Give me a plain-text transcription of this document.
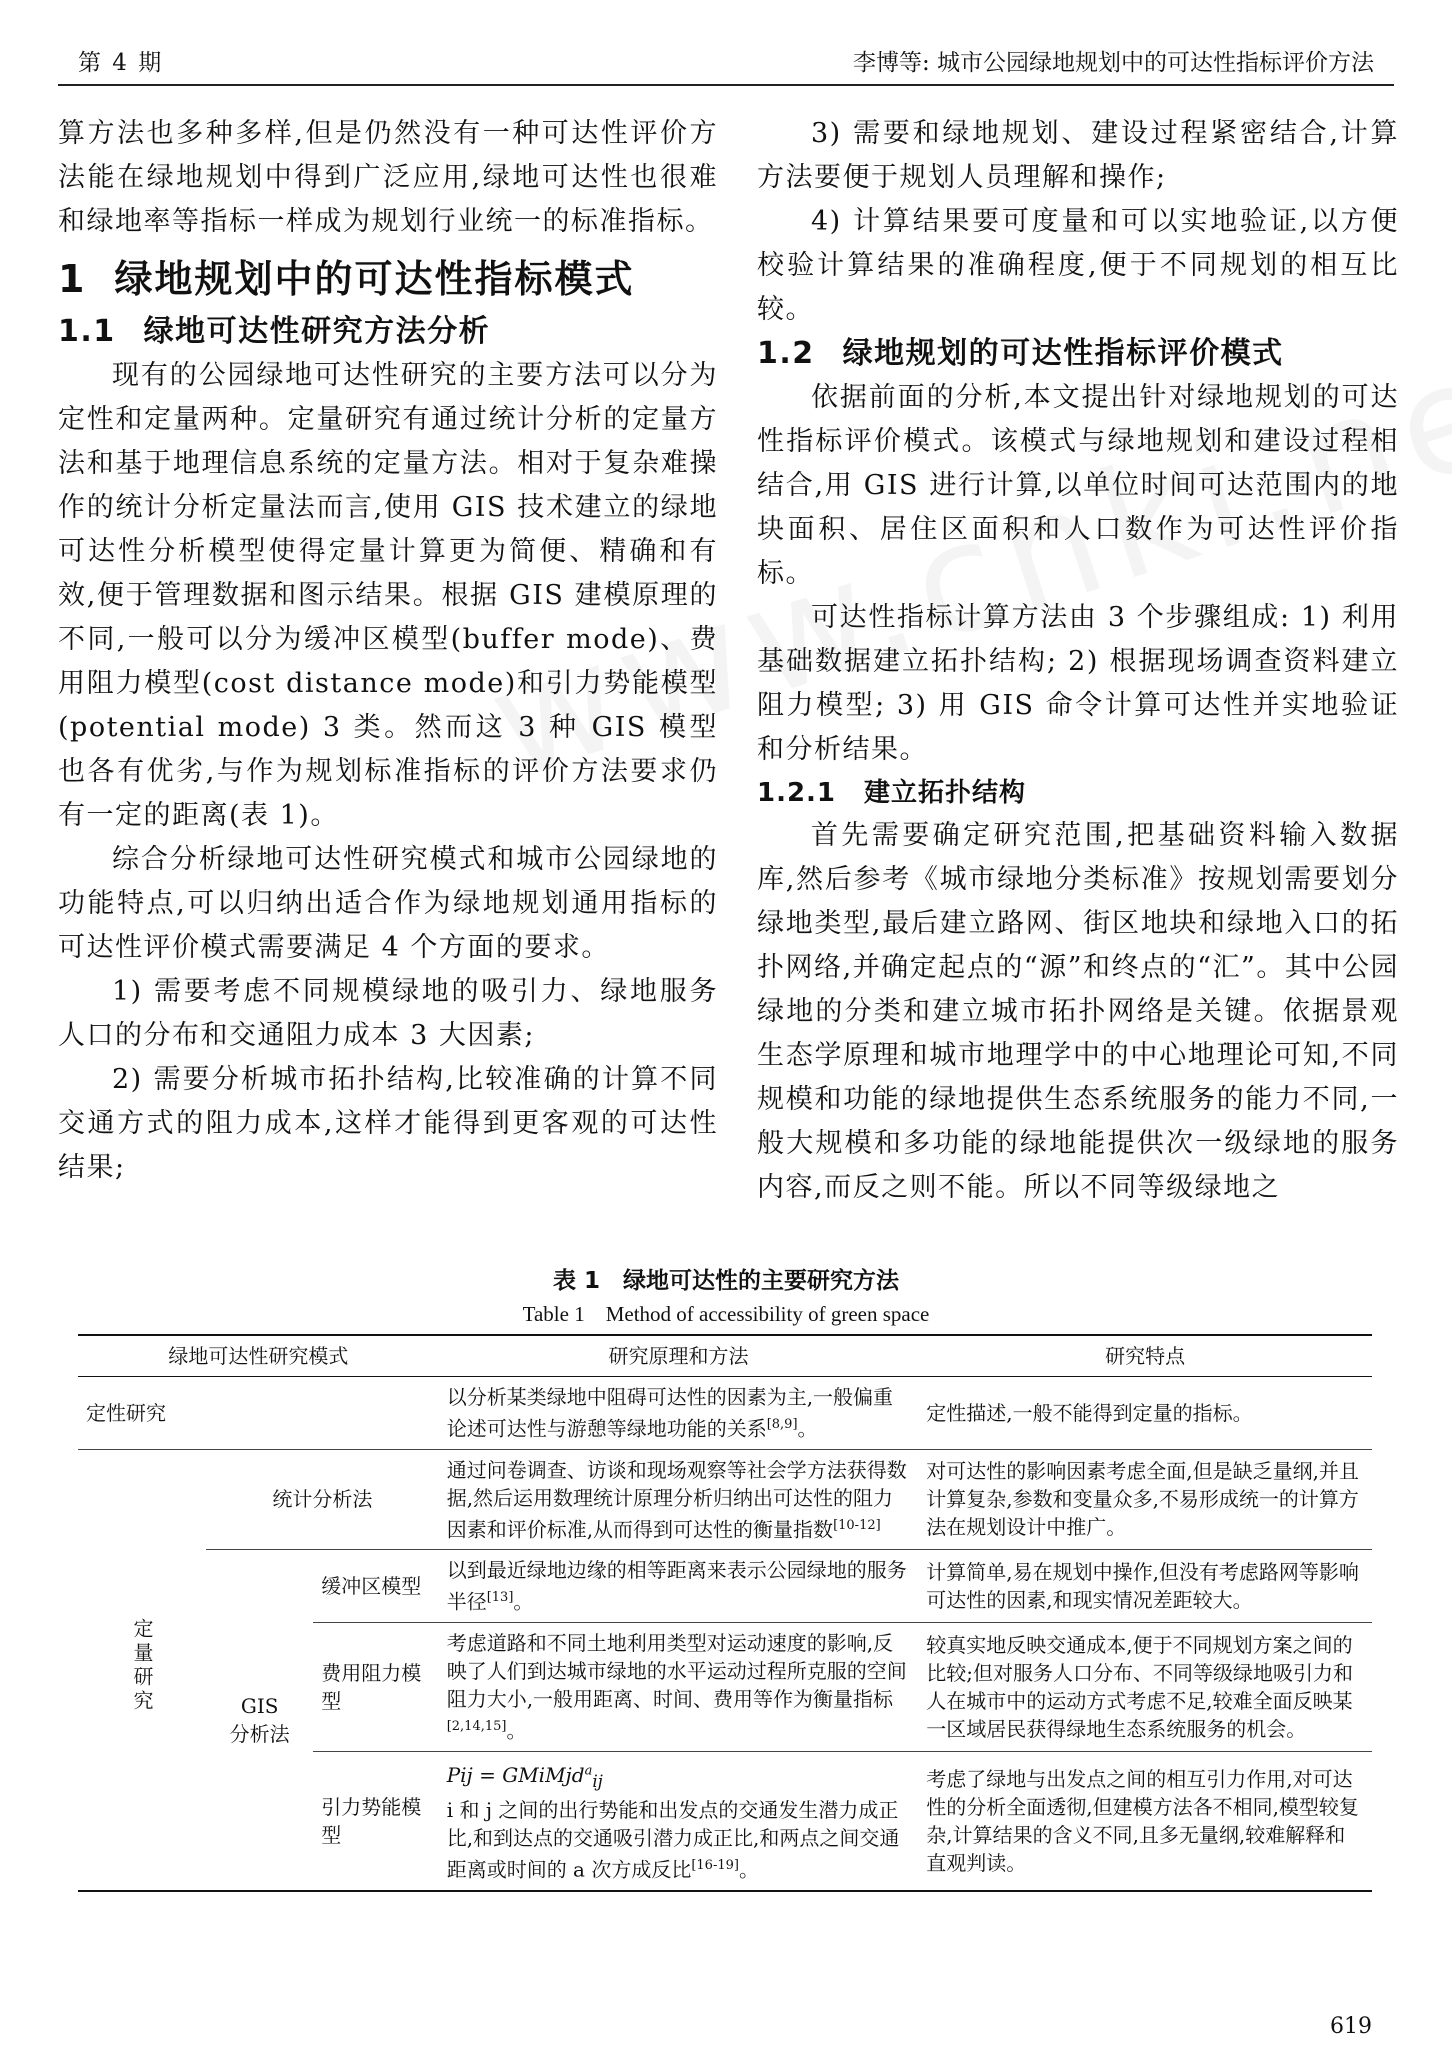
第 4 期	李博等: 城市公园绿地规划中的可达性指标评价方法

算方法也多种多样,但是仍然没有一种可达性评价方法能在绿地规划中得到广泛应用,绿地可达性也很难和绿地率等指标一样成为规划行业统一的标准指标。

1 绿地规划中的可达性指标模式
1.1 绿地可达性研究方法分析

现有的公园绿地可达性研究的主要方法可以分为定性和定量两种。定量研究有通过统计分析的定量方法和基于地理信息系统的定量方法。相对于复杂难操作的统计分析定量法而言,使用 GIS 技术建立的绿地可达性分析模型使得定量计算更为简便、精确和有效,便于管理数据和图示结果。根据 GIS 建模原理的不同,一般可以分为缓冲区模型(buffer mode)、费用阻力模型(cost distance mode)和引力势能模型(potential mode) 3 类。然而这 3 种 GIS 模型也各有优劣,与作为规划标准指标的评价方法要求仍有一定的距离(表 1)。

综合分析绿地可达性研究模式和城市公园绿地的功能特点,可以归纳出适合作为绿地规划通用指标的可达性评价模式需要满足 4 个方面的要求。

1) 需要考虑不同规模绿地的吸引力、绿地服务人口的分布和交通阻力成本 3 大因素;

2) 需要分析城市拓扑结构,比较准确的计算不同交通方式的阻力成本,这样才能得到更客观的可达性结果;

3) 需要和绿地规划、建设过程紧密结合,计算方法要便于规划人员理解和操作;

4) 计算结果要可度量和可以实地验证,以方便校验计算结果的准确程度,便于不同规划的相互比较。

1.2 绿地规划的可达性指标评价模式

依据前面的分析,本文提出针对绿地规划的可达性指标评价模式。该模式与绿地规划和建设过程相结合,用 GIS 进行计算,以单位时间可达范围内的地块面积、居住区面积和人口数作为可达性评价指标。

可达性指标计算方法由 3 个步骤组成: 1) 利用基础数据建立拓扑结构; 2) 根据现场调查资料建立阻力模型; 3) 用 GIS 命令计算可达性并实地验证和分析结果。

1.2.1 建立拓扑结构

首先需要确定研究范围,把基础资料输入数据库,然后参考《城市绿地分类标准》按规划需要划分绿地类型,最后建立路网、街区地块和绿地入口的拓扑网络,并确定起点的“源”和终点的“汇”。其中公园绿地的分类和建立城市拓扑网络是关键。依据景观生态学原理和城市地理学中的中心地理论可知,不同规模和功能的绿地提供生态系统服务的能力不同,一般大规模和多功能的绿地能提供次一级绿地的服务内容,而反之则不能。所以不同等级绿地之

表 1　绿地可达性的主要研究方法
Table 1　Method of accessibility of green space
绿地可达性研究模式			研究原理和方法	研究特点
定性研究			以分析某类绿地中阻碍可达性的因素为主,一般偏重论述可达性与游憩等绿地功能的关系[8,9]。	定性描述,一般不能得到定量的指标。
定量研究	统计分析法		通过问卷调查、访谈和现场观察等社会学方法获得数据,然后运用数理统计原理分析归纳出可达性的阻力因素和评价标准,从而得到可达性的衡量指数[10-12]	对可达性的影响因素考虑全面,但是缺乏量纲,并且计算复杂,参数和变量众多,不易形成统一的计算方法在规划设计中推广。

	GIS
分析法	缓冲区模型	以到最近绿地边缘的相等距离来表示公园绿地的服务半径[13]。	计算简单,易在规划中操作,但没有考虑路网等影响可达性的因素,和现实情况差距较大。
		费用阻力模型	考虑道路和不同土地利用类型对运动速度的影响,反映了人们到达城市绿地的水平运动过程所克服的空间阻力大小,一般用距离、时间、费用等作为衡量指标[2,14,15]。	较真实地反映交通成本,便于不同规划方案之间的比较;但对服务人口分布、不同等级绿地吸引力和人在城市中的运动方式考虑不足,较难全面反映某一区域居民获得绿地生态系统服务的机会。
		引力势能模型	Pij = GMiMjd$^a_{ij}$
i 和 j 之间的出行势能和出发点的交通发生潜力成正比,和到达点的交通吸引潜力成正比,和两点之间交通距离或时间的 a 次方成反比[16-19]。	考虑了绿地与出发点之间的相互引力作用,对可达性的分析全面透彻,但建模方法各不相同,模型较复杂,计算结果的含义不同,且多无量纲,较难解释和直观判读。
619
